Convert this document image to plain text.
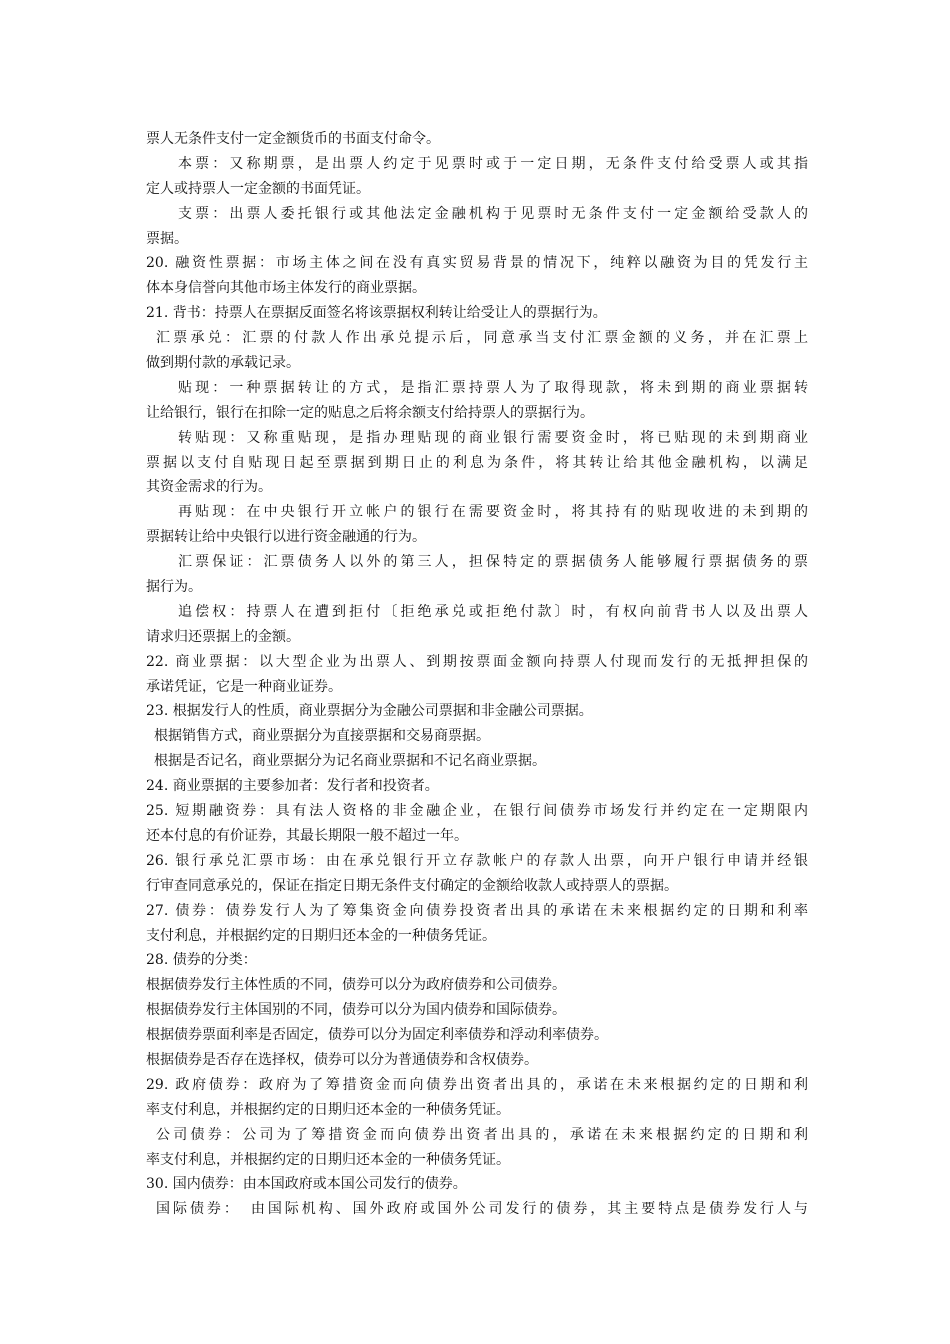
票人无条件支付一定金额货币的书面支付命令。
本票：又称期票，是出票人约定于见票时或于一定日期，无条件支付给受票人或其指
定人或持票人一定金额的书面凭证。
支票：出票人委托银行或其他法定金融机构于见票时无条件支付一定金额给受款人的
票据。
20. 融资性票据：市场主体之间在没有真实贸易背景的情况下，纯粹以融资为目的凭发行主
体本身信誉向其他市场主体发行的商业票据。
21. 背书：持票人在票据反面签名将该票据权利转让给受让人的票据行为。
汇票承兑：汇票的付款人作出承兑提示后，同意承当支付汇票金额的义务，并在汇票上
做到期付款的承载记录。
贴现：一种票据转让的方式，是指汇票持票人为了取得现款，将未到期的商业票据转
让给银行，银行在扣除一定的贴息之后将余额支付给持票人的票据行为。
转贴现：又称重贴现，是指办理贴现的商业银行需要资金时，将已贴现的未到期商业
票据以支付自贴现日起至票据到期日止的利息为条件，将其转让给其他金融机构，以满足
其资金需求的行为。
再贴现：在中央银行开立帐户的银行在需要资金时，将其持有的贴现收进的未到期的
票据转让给中央银行以进行资金融通的行为。
汇票保证：汇票债务人以外的第三人，担保特定的票据债务人能够履行票据债务的票
据行为。
追偿权：持票人在遭到拒付〔拒绝承兑或拒绝付款〕时，有权向前背书人以及出票人
请求归还票据上的金额。
22. 商业票据：以大型企业为出票人、到期按票面金额向持票人付现而发行的无抵押担保的
承诺凭证，它是一种商业证券。
23. 根据发行人的性质，商业票据分为金融公司票据和非金融公司票据。
根据销售方式，商业票据分为直接票据和交易商票据。
根据是否记名，商业票据分为记名商业票据和不记名商业票据。
24. 商业票据的主要参加者：发行者和投资者。
25. 短期融资券：具有法人资格的非金融企业，在银行间债券市场发行并约定在一定期限内
还本付息的有价证券，其最长期限一般不超过一年。
26. 银行承兑汇票市场：由在承兑银行开立存款帐户的存款人出票，向开户银行申请并经银
行审查同意承兑的，保证在指定日期无条件支付确定的金额给收款人或持票人的票据。
27. 债券：债券发行人为了筹集资金向债券投资者出具的承诺在未来根据约定的日期和利率
支付利息，并根据约定的日期归还本金的一种债务凭证。
28. 债券的分类：
根据债券发行主体性质的不同，债券可以分为政府债券和公司债券。
根据债券发行主体国别的不同，债券可以分为国内债券和国际债券。
根据债券票面利率是否固定，债券可以分为固定利率债券和浮动利率债券。
根据债券是否存在选择权，债券可以分为普通债券和含权债券。
29. 政府债券：政府为了筹措资金而向债券出资者出具的，承诺在未来根据约定的日期和利
率支付利息，并根据约定的日期归还本金的一种债务凭证。
公司债券：公司为了筹措资金而向债券出资者出具的，承诺在未来根据约定的日期和利
率支付利息，并根据约定的日期归还本金的一种债务凭证。
30. 国内债券：由本国政府或本国公司发行的债券。
国际债券：　由国际机构、国外政府或国外公司发行的债券，其主要特点是债券发行人与
